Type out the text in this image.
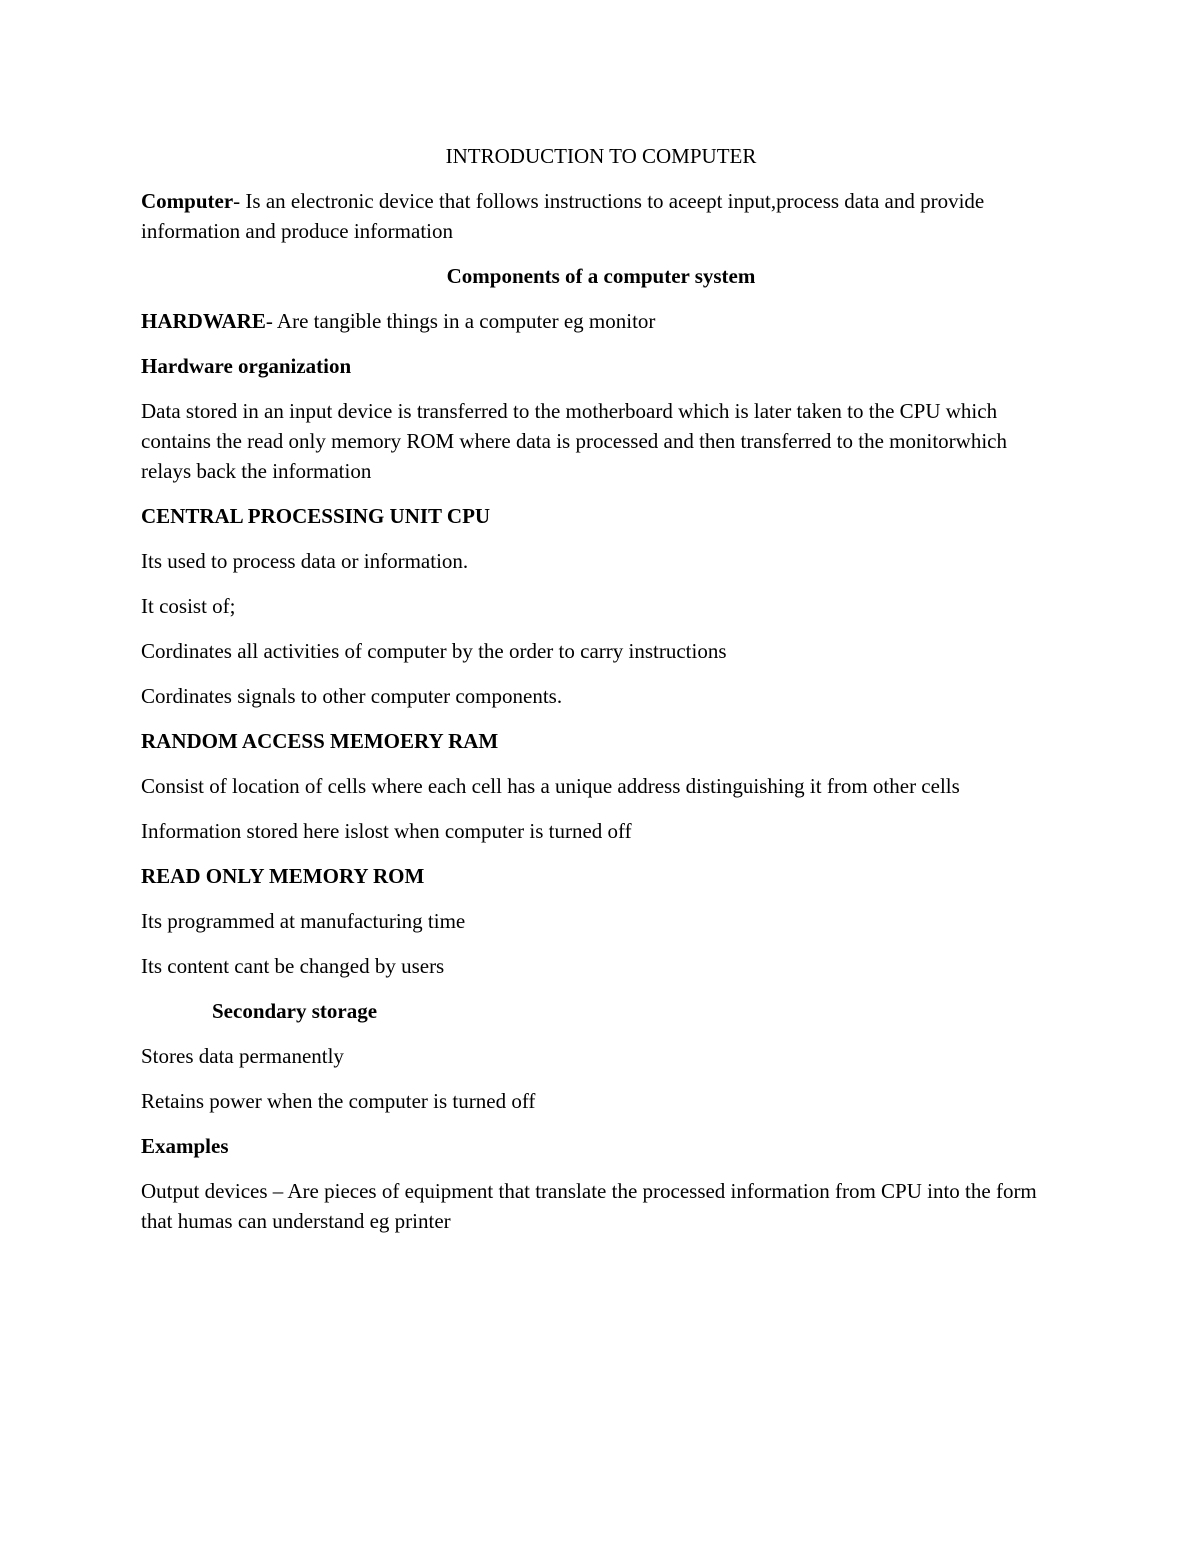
INTRODUCTION TO COMPUTER
Computer- Is an electronic device that follows instructions to aceept input,process data and provide information and produce information
Components of a computer system
HARDWARE- Are tangible things in a computer eg monitor
Hardware organization
Data stored in an input device is transferred to the motherboard which is later taken to the CPU which contains the read only memory ROM where data is processed and then transferred to the monitorwhich relays back the information
CENTRAL PROCESSING UNIT CPU
Its used to process data or information.
It cosist of;
Cordinates all activities of computer by the order to carry instructions
Cordinates signals to other computer components.
RANDOM ACCESS MEMOERY RAM
Consist of location of cells where each cell has a unique address distinguishing it from other cells
Information stored here islost when computer is turned off
READ ONLY MEMORY ROM
Its programmed at manufacturing time
Its content cant be changed by users
Secondary storage
Stores data permanently
Retains power when the computer is turned off
Examples
Output devices – Are pieces of equipment that translate the processed information from CPU into the form that humas can understand eg printer
